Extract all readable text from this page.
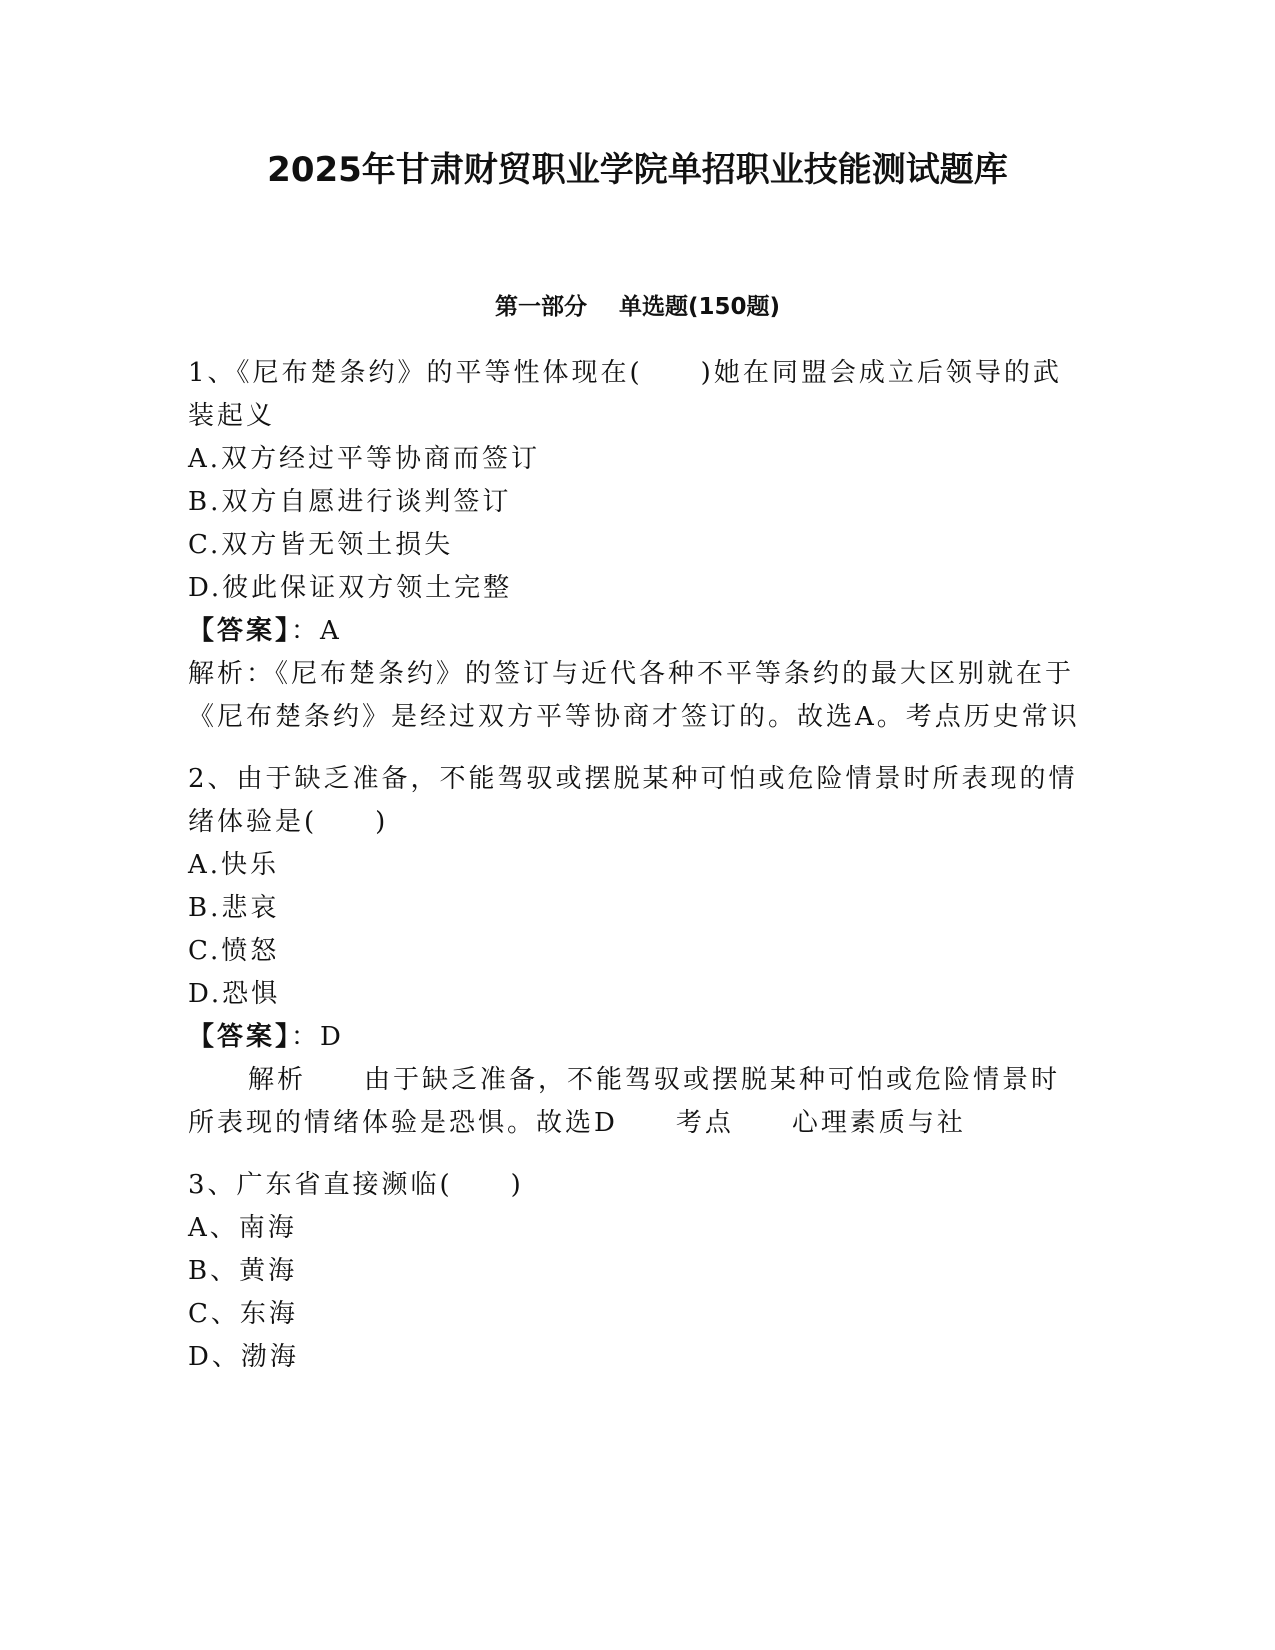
2025年甘肃财贸职业学院单招职业技能测试题库
第一部分 单选题(150题)

1、《尼布楚条约》的平等性体现在(　　)她在同盟会成立后领导的武装起义

A.双方经过平等协商而签订

B.双方自愿进行谈判签订

C.双方皆无领土损失

D.彼此保证双方领土完整

【答案】：A

解析：《尼布楚条约》的签订与近代各种不平等条约的最大区别就在于《尼布楚条约》是经过双方平等协商才签订的。故选A。考点历史常识

2、由于缺乏准备，不能驾驭或摆脱某种可怕或危险情景时所表现的情绪体验是(　　)

A.快乐

B.悲哀

C.愤怒

D.恐惧

【答案】：D

解析 由于缺乏准备，不能驾驭或摆脱某种可怕或危险情景时所表现的情绪体验是恐惧。故选D 考点 心理素质与社

3、广东省直接濒临(　　)

A、南海

B、黄海

C、东海

D、渤海
